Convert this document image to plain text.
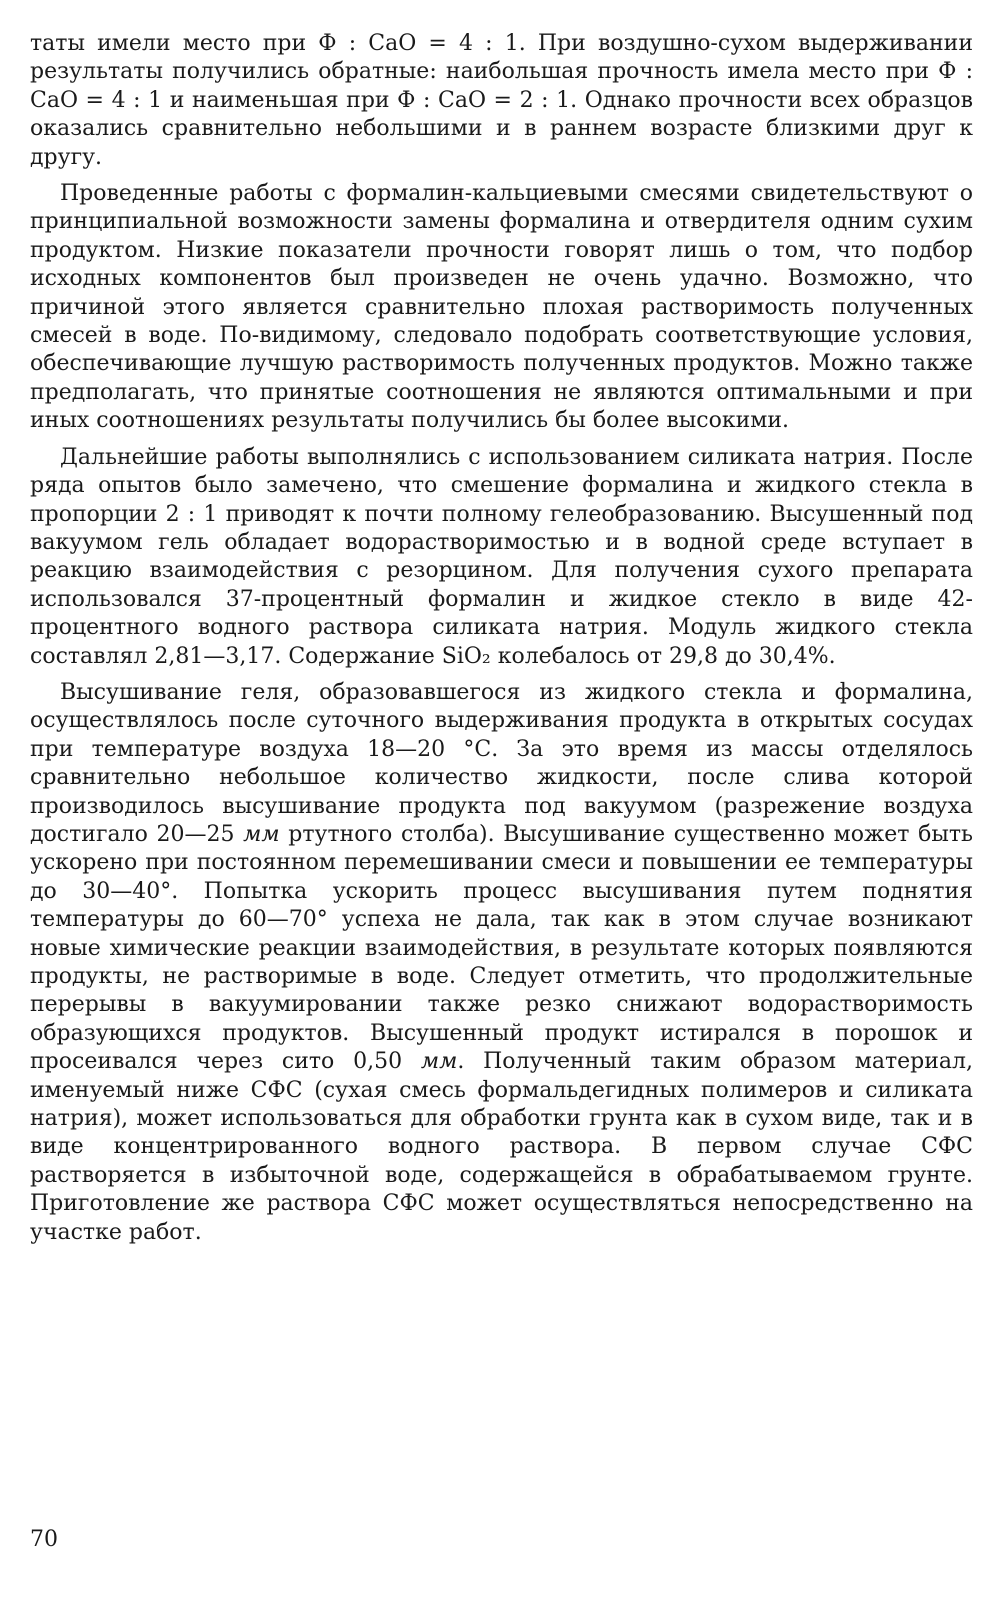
таты имели место при Ф : CaO = 4 : 1. При воздушно-сухом выдерживании результаты получились обратные: наибольшая прочность имела место при Ф : CaO = 4 : 1 и наименьшая при Ф : CaO = 2 : 1. Однако прочности всех образцов оказались сравнительно небольшими и в раннем возрасте близкими друг к другу.

Проведенные работы с формалин-кальциевыми смесями свидетельствуют о принципиальной возможности замены формалина и отвердителя одним сухим продуктом. Низкие показатели прочности говорят лишь о том, что подбор исходных компонентов был произведен не очень удачно. Возможно, что причиной этого является сравнительно плохая растворимость полученных смесей в воде. По-видимому, следовало подобрать соответствующие условия, обеспечивающие лучшую растворимость полученных продуктов. Можно также предполагать, что принятые соотношения не являются оптимальными и при иных соотношениях результаты получились бы более высокими.

Дальнейшие работы выполнялись с использованием силиката натрия. После ряда опытов было замечено, что смешение формалина и жидкого стекла в пропорции 2 : 1 приводят к почти полному гелеобразованию. Высушенный под вакуумом гель обладает водорастворимостью и в водной среде вступает в реакцию взаимодействия с резорцином. Для получения сухого препарата использовался 37-процентный формалин и жидкое стекло в виде 42-процентного водного раствора силиката натрия. Модуль жидкого стекла составлял 2,81—3,17. Содержание SiO₂ колебалось от 29,8 до 30,4%.

Высушивание геля, образовавшегося из жидкого стекла и формалина, осуществлялось после суточного выдерживания продукта в открытых сосудах при температуре воздуха 18—20 °С. За это время из массы отделялось сравнительно небольшое количество жидкости, после слива которой производилось высушивание продукта под вакуумом (разрежение воздуха достигало 20—25 мм ртутного столба). Высушивание существенно может быть ускорено при постоянном перемешивании смеси и повышении ее температуры до 30—40°. Попытка ускорить процесс высушивания путем поднятия температуры до 60—70° успеха не дала, так как в этом случае возникают новые химические реакции взаимодействия, в результате которых появляются продукты, не растворимые в воде. Следует отметить, что продолжительные перерывы в вакуумировании также резко снижают водорастворимость образующихся продуктов. Высушенный продукт истирался в порошок и просеивался через сито 0,50 мм. Полученный таким образом материал, именуемый ниже СФС (сухая смесь формальдегидных полимеров и силиката натрия), может использоваться для обработки грунта как в сухом виде, так и в виде концентрированного водного раствора. В первом случае СФС растворяется в избыточной воде, содержащейся в обрабатываемом грунте. Приготовление же раствора СФС может осуществляться непосредственно на участке работ.

70
